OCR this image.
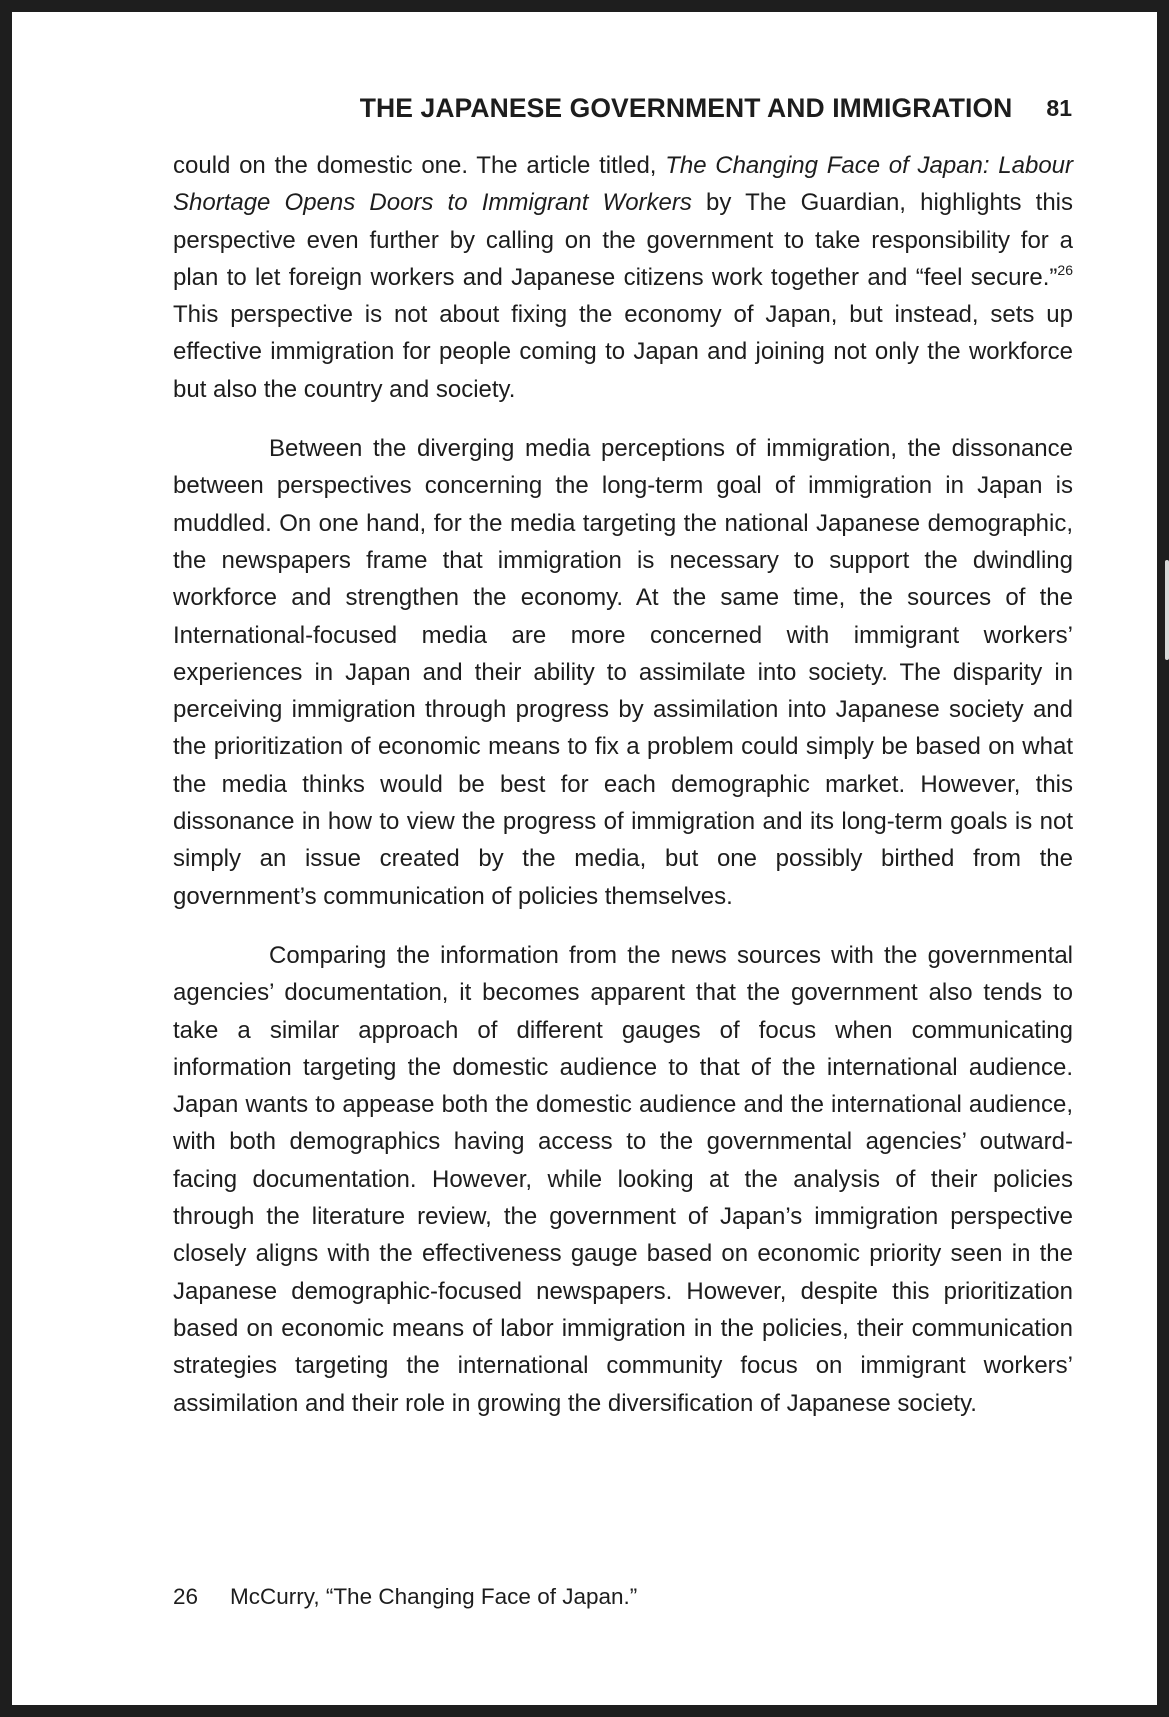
THE JAPANESE GOVERNMENT AND IMMIGRATION 81

could on the domestic one. The article titled, The Changing Face of Japan: Labour Shortage Opens Doors to Immigrant Workers by The Guardian, highlights this perspective even further by calling on the government to take responsibility for a plan to let foreign workers and Japanese citizens work together and “feel secure.”$^{26}$ This perspective is not about fixing the economy of Japan, but instead, sets up effective immigration for people coming to Japan and joining not only the workforce but also the country and society.

Between the diverging media perceptions of immigration, the dissonance between perspectives concerning the long-term goal of immigration in Japan is muddled. On one hand, for the media targeting the national Japanese demographic, the newspapers frame that immigration is necessary to support the dwindling workforce and strengthen the economy. At the same time, the sources of the International-focused media are more concerned with immigrant workers’ experiences in Japan and their ability to assimilate into society. The disparity in perceiving immigration through progress by assimilation into Japanese society and the prioritization of economic means to fix a problem could simply be based on what the media thinks would be best for each demographic market. However, this dissonance in how to view the progress of immigration and its long-term goals is not simply an issue created by the media, but one possibly birthed from the government’s communication of policies themselves.

Comparing the information from the news sources with the governmental agencies’ documentation, it becomes apparent that the government also tends to take a similar approach of different gauges of focus when communicating information targeting the domestic audience to that of the international audience. Japan wants to appease both the domestic audience and the international audience, with both demographics having access to the governmental agencies’ outward-facing documentation. However, while looking at the analysis of their policies through the literature review, the government of Japan’s immigration perspective closely aligns with the effectiveness gauge based on economic priority seen in the Japanese demographic-focused newspapers. However, despite this prioritization based on economic means of labor immigration in the policies, their communication strategies targeting the international community focus on immigrant workers’ assimilation and their role in growing the diversification of Japanese society.

26	McCurry, “The Changing Face of Japan.”
